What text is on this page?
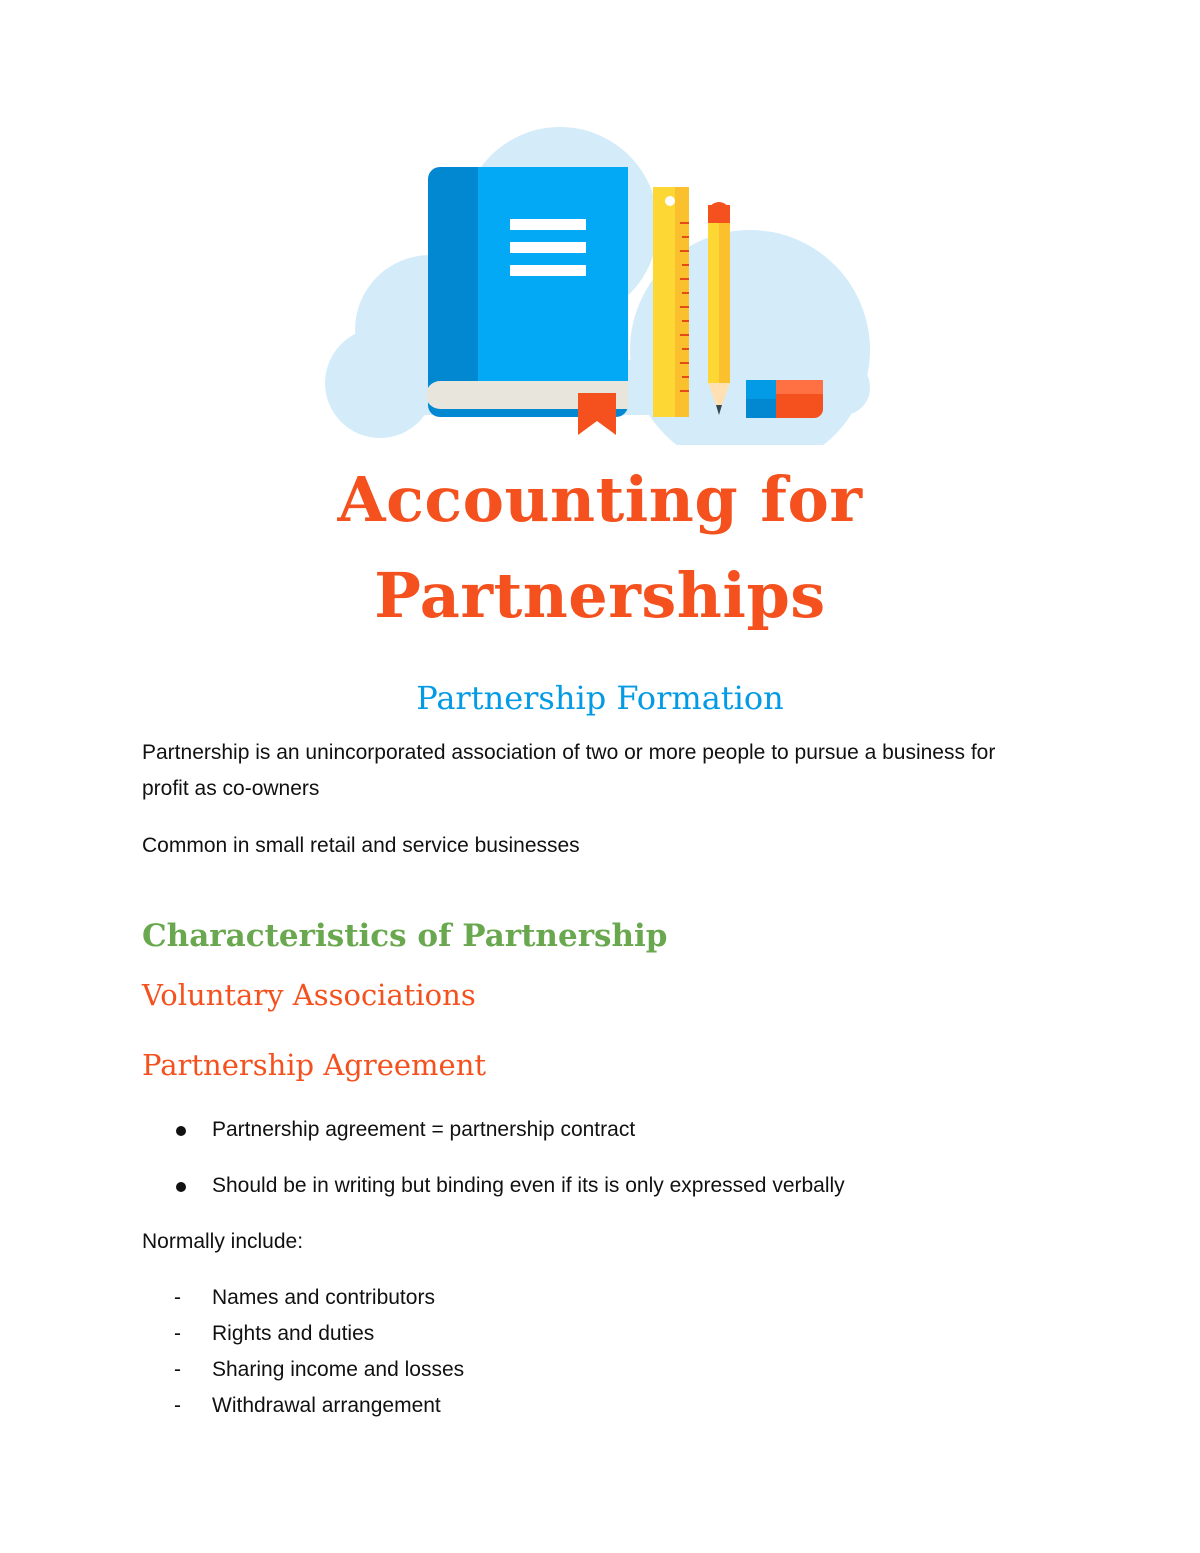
Accounting for
Partnerships
Partnership Formation

Partnership is an unincorporated association of two or more people to pursue a business for profit as co-owners

Common in small retail and service businesses

Characteristics of Partnership
Voluntary Associations
Partnership Agreement
Partnership agreement = partnership contract
Should be in writing but binding even if its is only expressed verbally

Normally include:

- Names and contributors
- Rights and duties
- Sharing income and losses
- Withdrawal arrangement
